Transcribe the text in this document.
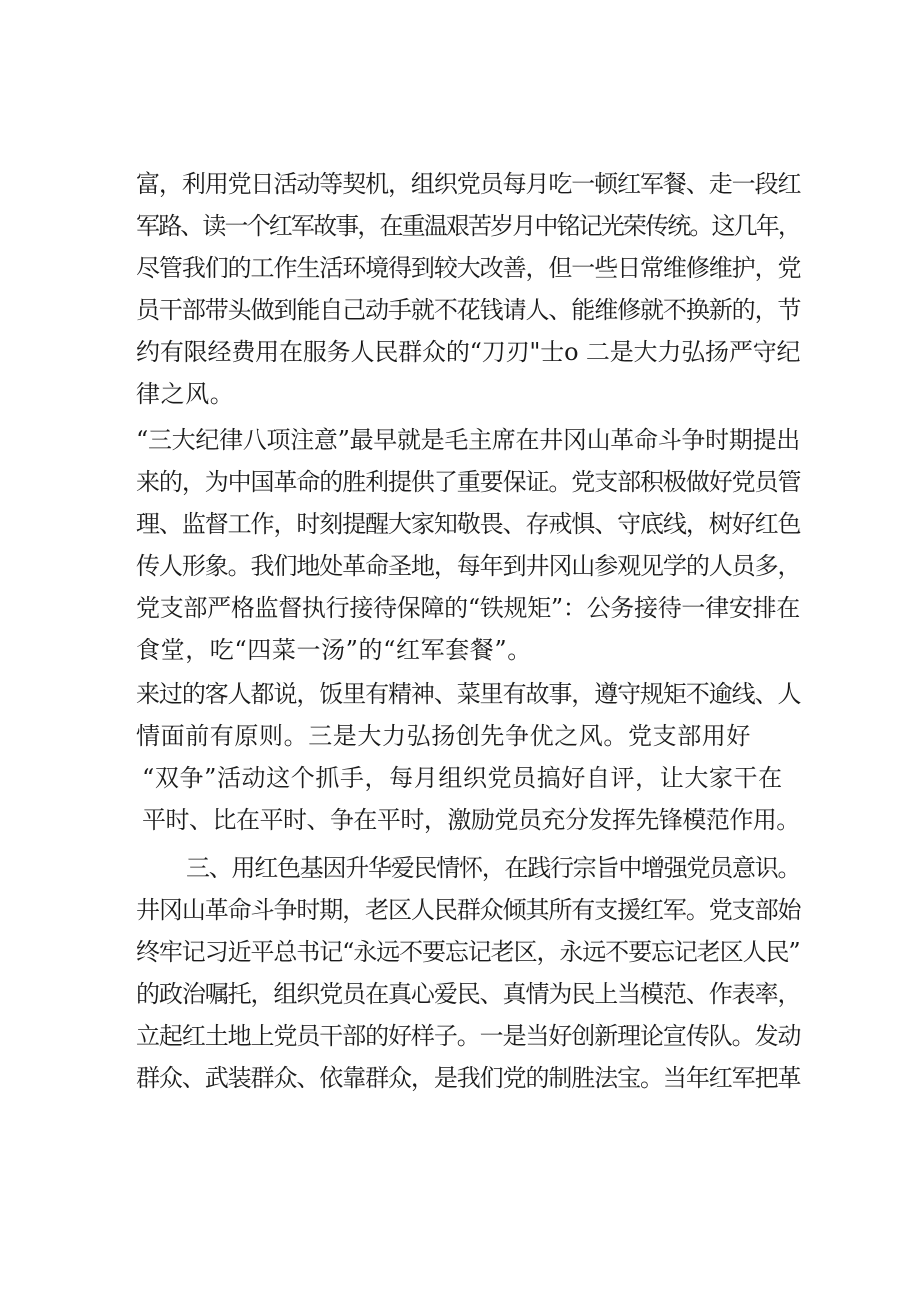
富，利用党日活动等契机，组织党员每月吃一顿红军餐、走一段红
军路、读一个红军故事，在重温艰苦岁月中铭记光荣传统。这几年，
尽管我们的工作生活环境得到较大改善，但一些日常维修维护，党
员干部带头做到能自己动手就不花钱请人、能维修就不换新的，节
约有限经费用在服务人民群众的“刀刃"士o 二是大力弘扬严守纪
律之风。
“三大纪律八项注意”最早就是毛主席在井冈山革命斗争时期提出
来的，为中国革命的胜利提供了重要保证。党支部积极做好党员管
理、监督工作，时刻提醒大家知敬畏、存戒惧、守底线，树好红色
传人形象。我们地处革命圣地，每年到井冈山参观见学的人员多，
党支部严格监督执行接待保障的“铁规矩”：公务接待一律安排在
食堂，吃“四菜一汤”的“红军套餐”。
来过的客人都说，饭里有精神、菜里有故事，遵守规矩不逾线、人
情面前有原则。三是大力弘扬创先争优之风。党支部用好
“双争”活动这个抓手，每月组织党员搞好自评，让大家干在
平时、比在平时、争在平时，激励党员充分发挥先锋模范作用。
三、用红色基因升华爱民情怀，在践行宗旨中增强党员意识。
井冈山革命斗争时期，老区人民群众倾其所有支援红军。党支部始
终牢记习近平总书记“永远不要忘记老区，永远不要忘记老区人民”
的政治嘱托，组织党员在真心爱民、真情为民上当模范、作表率，
立起红土地上党员干部的好样子。一是当好创新理论宣传队。发动
群众、武装群众、依靠群众，是我们党的制胜法宝。当年红军把革
